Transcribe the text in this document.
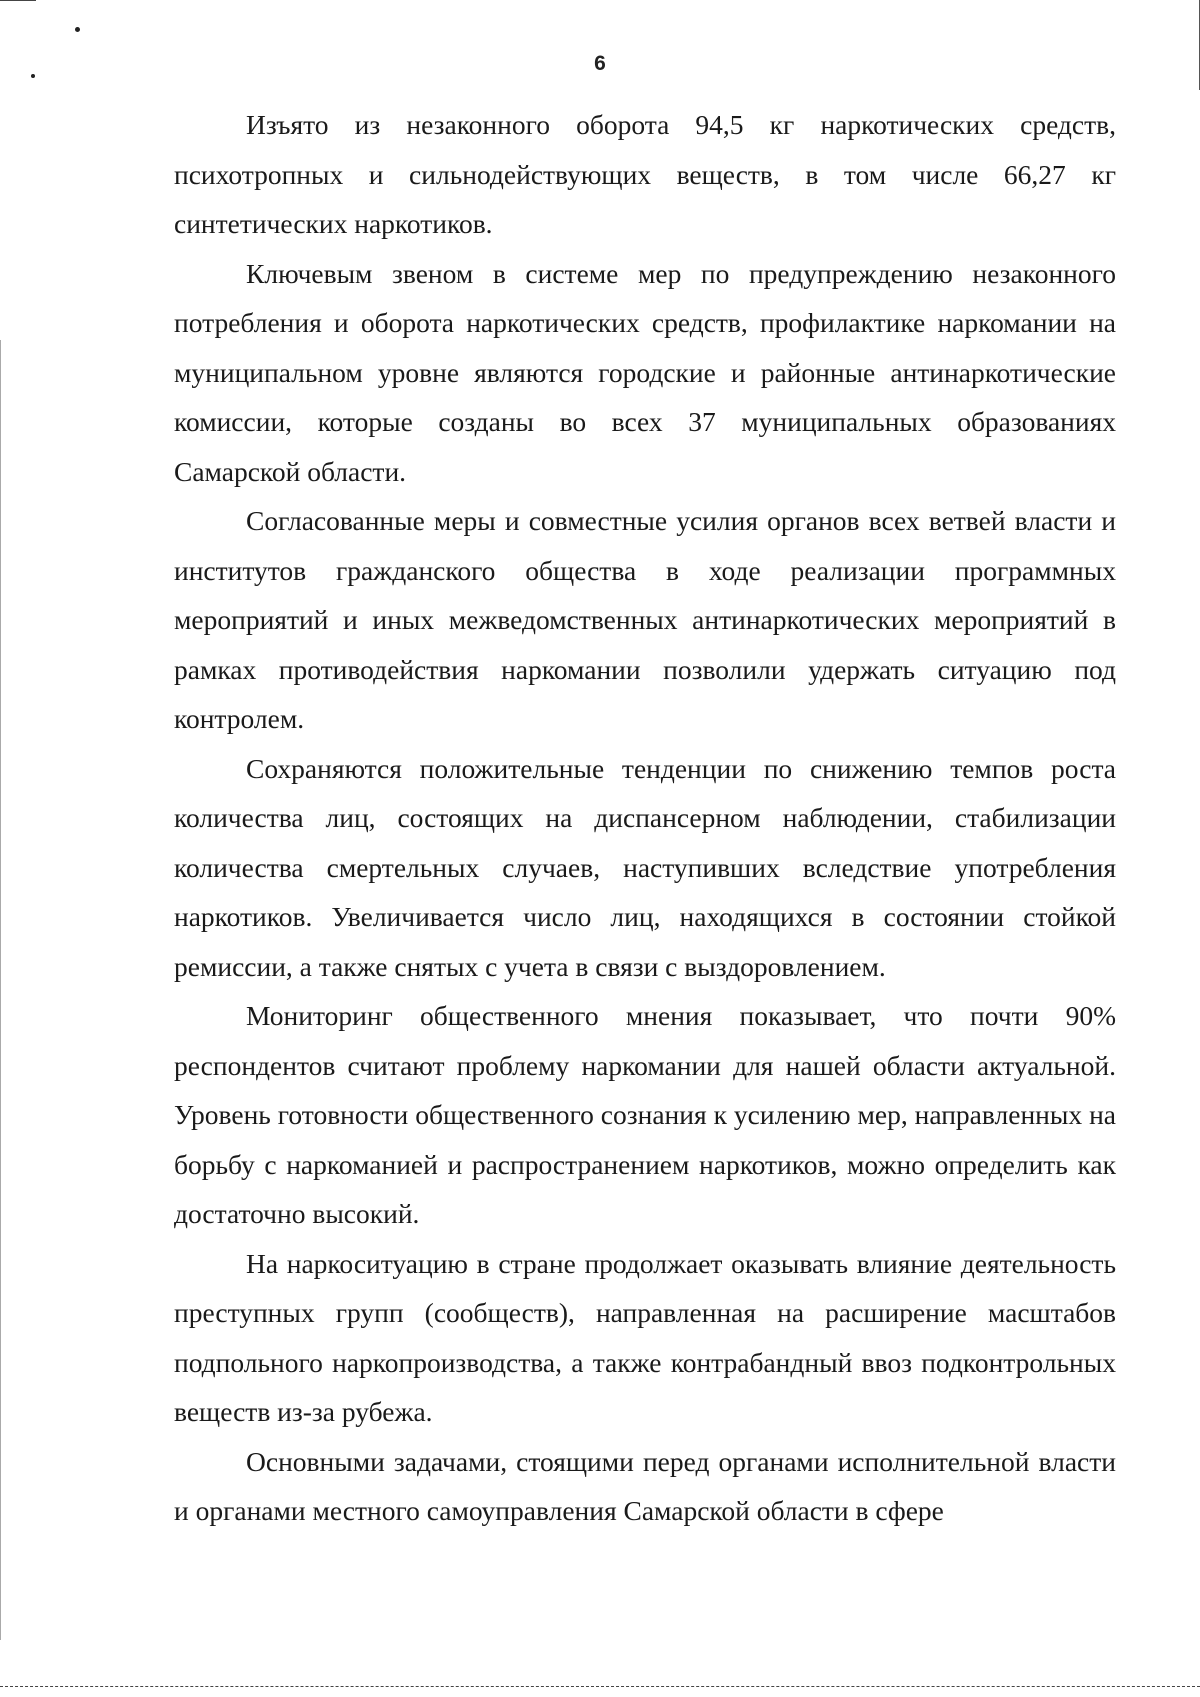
6

Изъято из незаконного оборота 94,5 кг наркотических средств, психотропных и сильнодействующих веществ, в том числе 66,27 кг синтетических наркотиков.

Ключевым звеном в системе мер по предупреждению незаконного потребления и оборота наркотических средств, профилактике наркомании на муниципальном уровне являются городские и районные антинаркотические комиссии, которые созданы во всех 37 муниципальных образованиях Самарской области.

Согласованные меры и совместные усилия органов всех ветвей власти и институтов гражданского общества в ходе реализации программных мероприятий и иных межведомственных антинаркотических мероприятий в рамках противодействия наркомании позволили удержать ситуацию под контролем.

Сохраняются положительные тенденции по снижению темпов роста количества лиц, состоящих на диспансерном наблюдении, стабилизации количества смертельных случаев, наступивших вследствие употребления наркотиков. Увеличивается число лиц, находящихся в состоянии стойкой ремиссии, а также снятых с учета в связи с выздоровлением.

Мониторинг общественного мнения показывает, что почти 90% респондентов считают проблему наркомании для нашей области актуальной. Уровень готовности общественного сознания к усилению мер, направленных на борьбу с наркоманией и распространением наркотиков, можно определить как достаточно высокий.

На наркоситуацию в стране продолжает оказывать влияние деятельность преступных групп (сообществ), направленная на расширение масштабов подпольного наркопроизводства, а также контрабандный ввоз подконтрольных веществ из-за рубежа.

Основными задачами, стоящими перед органами исполнительной власти и органами местного самоуправления Самарской области в сфере
